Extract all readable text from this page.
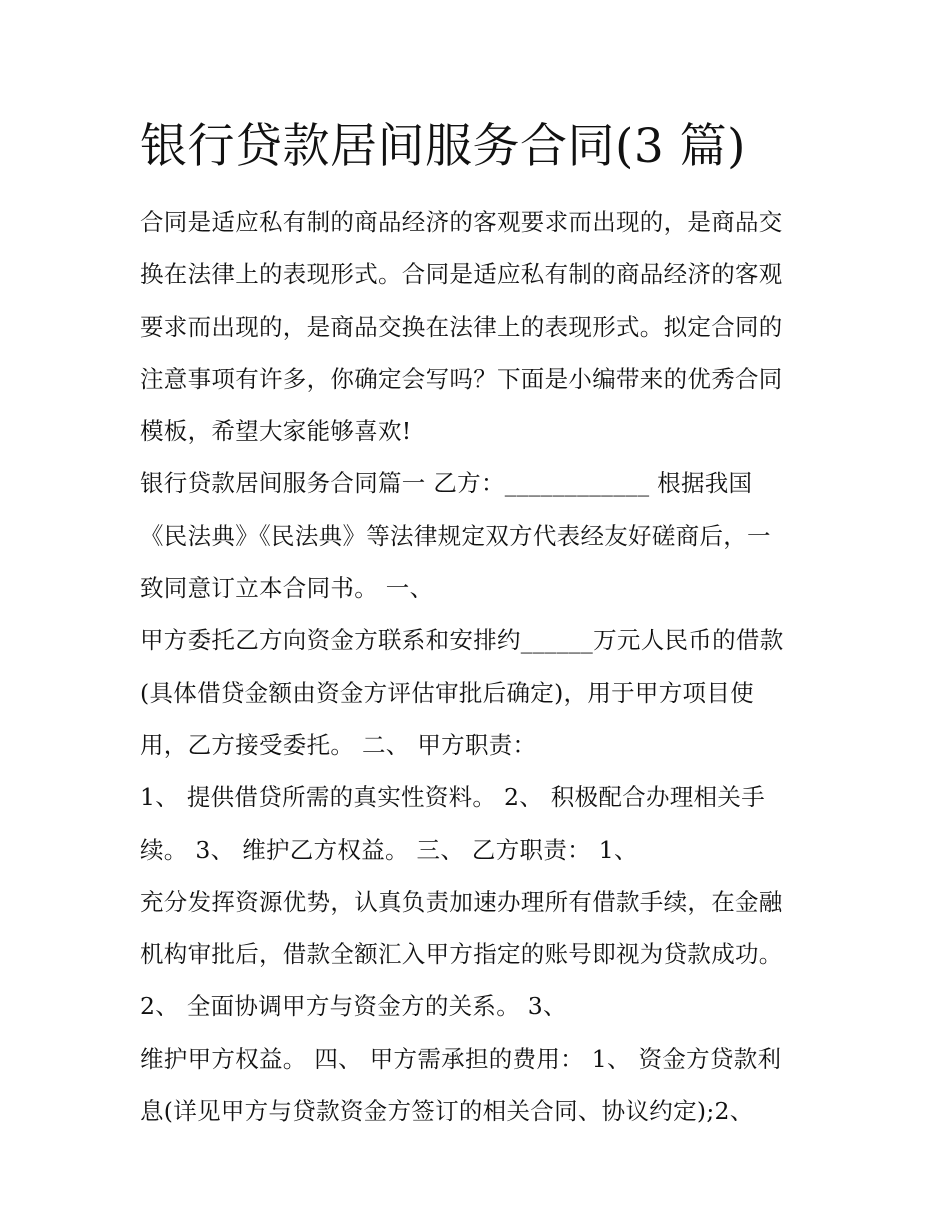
银行贷款居间服务合同(3 篇)
合同是适应私有制的商品经济的客观要求而出现的，是商品交
换在法律上的表现形式。合同是适应私有制的商品经济的客观
要求而出现的，是商品交换在法律上的表现形式。拟定合同的
注意事项有许多，你确定会写吗？下面是小编带来的优秀合同
模板，希望大家能够喜欢!
银行贷款居间服务合同篇一 乙方：____________ 根据我国
《民法典》《民法典》等法律规定双方代表经友好磋商后，一
致同意订立本合同书。 一、
甲方委托乙方向资金方联系和安排约______万元人民币的借款
(具体借贷金额由资金方评估审批后确定)，用于甲方项目使
用，乙方接受委托。 二、 甲方职责：
1、 提供借贷所需的真实性资料。 2、 积极配合办理相关手
续。 3、 维护乙方权益。 三、 乙方职责： 1、
充分发挥资源优势，认真负责加速办理所有借款手续，在金融
机构审批后，借款全额汇入甲方指定的账号即视为贷款成功。
2、 全面协调甲方与资金方的关系。 3、
维护甲方权益。 四、 甲方需承担的费用： 1、 资金方贷款利
息(详见甲方与贷款资金方签订的相关合同、协议约定);2、
